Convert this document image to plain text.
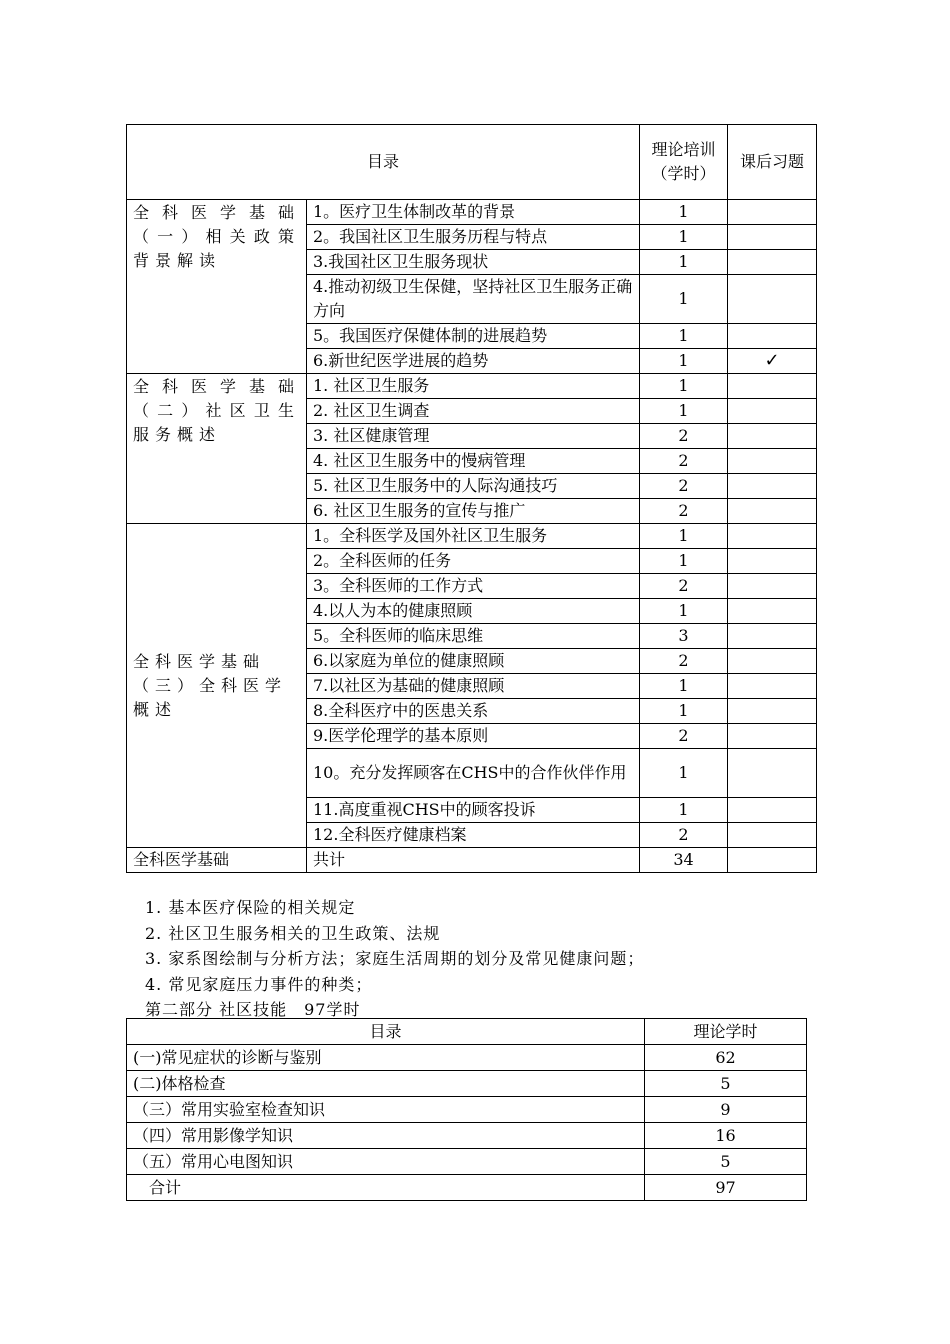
目录		理论培训（学时）	课后习题
全科医学基础（一）相关政策背景解读	1。医疗卫生体制改革的背景	1	
	2。我国社区卫生服务历程与特点	1	
	3.我国社区卫生服务现状	1	
	4.推动初级卫生保健，坚持社区卫生服务正确方向	1	
	5。我国医疗保健体制的进展趋势	1	
	6.新世纪医学进展的趋势	1	✓
全科医学基础（二）社区卫生服务概述	1. 社区卫生服务	1	
	2. 社区卫生调查	1	
	3. 社区健康管理	2	
	4. 社区卫生服务中的慢病管理	2	
	5. 社区卫生服务中的人际沟通技巧	2	
	6. 社区卫生服务的宣传与推广	2	
全科医学基础（三）全科医学概述	1。全科医学及国外社区卫生服务	1	
	2。全科医师的任务	1	
	3。全科医师的工作方式	2	
	4.以人为本的健康照顾	1	
	5。全科医师的临床思维	3	
	6.以家庭为单位的健康照顾	2	
	7.以社区为基础的健康照顾	1	
	8.全科医疗中的医患关系	1	
	9.医学伦理学的基本原则	2	
	10。充分发挥顾客在CHS中的合作伙伴作用	1	
	11.高度重视CHS中的顾客投诉	1	
	12.全科医疗健康档案	2	
全科医学基础	共计	34	
1. 基本医疗保险的相关规定
2. 社区卫生服务相关的卫生政策、法规
3. 家系图绘制与分析方法；家庭生活周期的划分及常见健康问题；
4. 常见家庭压力事件的种类；
第二部分 社区技能　97学时
目录	理论学时
(一)常见症状的诊断与鉴别	62
(二)体格检查	5
（三）常用实验室检查知识	9
（四）常用影像学知识	16
（五）常用心电图知识	5
　合计	97
